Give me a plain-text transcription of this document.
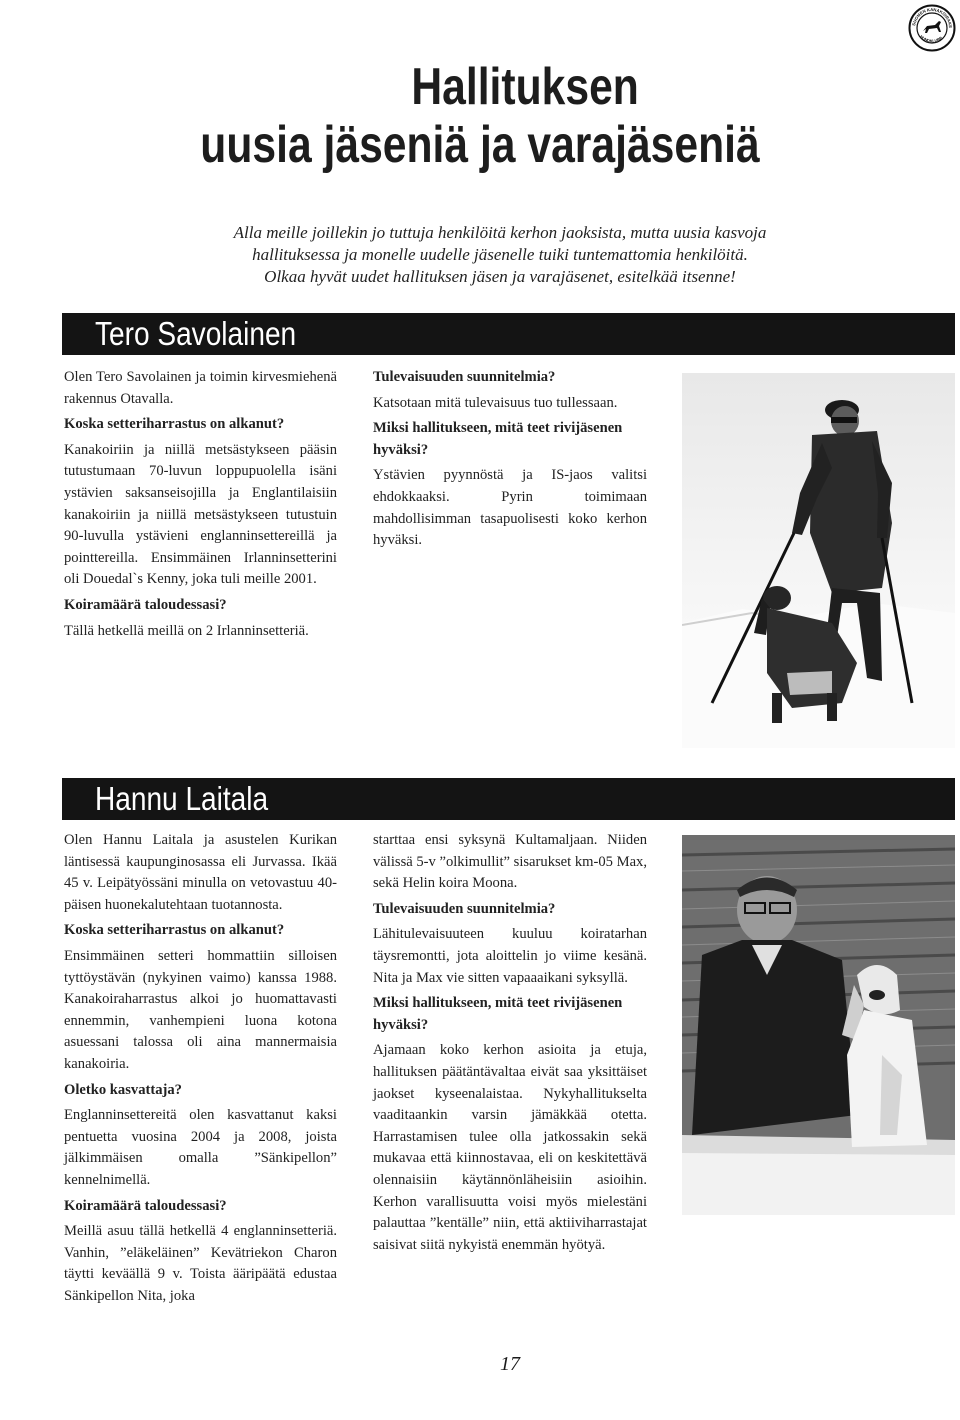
SUOMEN KANAKOIRAKE
HUNDKLUBB
Hallituksen
uusia jäseniä ja varajäseniä
Alla meille joillekin jo tuttuja henkilöitä kerhon jaoksista, mutta uusia kasvoja
hallituksessa ja monelle uudelle jäsenelle tuiki tuntemattomia henkilöitä.
Olkaa hyvät uudet hallituksen jäsen ja varajäsenet, esitelkää itsenne!
Tero Savolainen

Olen Tero Savolainen ja toimin kirvesmiehenä rakennus Otavalla.

Koska setteriharrastus on alkanut?

Kanakoiriin ja niillä metsästykseen pääsin tutustumaan 70-luvun loppupuolella isäni ystävien saksanseisojilla ja Englantilaisiin kanakoiriin ja niillä metsästykseen tutustuin 90-luvulla ystävieni englanninsettereillä ja pointtereilla. Ensimmäinen Irlanninsetterini oli Douedal`s Kenny, joka tuli meille 2001.

Koiramäärä taloudessasi?

Tällä hetkellä meillä on 2 Irlanninsetteriä.

Tulevaisuuden suunnitelmia?

Katsotaan mitä tulevaisuus tuo tullessaan.

Miksi hallitukseen, mitä teet rivijäsenen hyväksi?

Ystävien pyynnöstä ja IS-jaos valitsi ehdokkaaksi. Pyrin toimimaan mahdollisimman tasapuolisesti koko kerhon hyväksi.

Hannu Laitala

Olen Hannu Laitala ja asustelen Kurikan läntisessä kaupunginosassa eli Jurvassa. Ikää 45 v. Leipätyössäni minulla on vetovastuu 40-päisen huonekalutehtaan tuotannosta.

Koska setteriharrastus on alkanut?

Ensimmäinen setteri hommattiin silloisen tyttöystävän (nykyinen vaimo) kanssa 1988. Kanakoiraharrastus alkoi jo huomattavasti ennemmin, vanhempieni luona kotona asuessani talossa oli aina mannermaisia kanakoiria.

Oletko kasvattaja?

Englanninsettereitä olen kasvattanut kaksi pentuetta vuosina 2004 ja 2008, joista jälkimmäisen omalla ”Sänkipellon” kennelnimellä.

Koiramäärä taloudessasi?

Meillä asuu tällä hetkellä 4 englanninsetteriä. Vanhin, ”eläkeläinen” Kevätriekon Charon täytti keväällä 9 v. Toista ääripäätä edustaa Sänkipellon Nita, joka

starttaa ensi syksynä Kultamaljaan. Niiden välissä 5-v ”olkimullit” sisarukset km-05 Max, sekä Helin koira Moona.

Tulevaisuuden suunnitelmia?

Lähitulevaisuuteen kuuluu koiratarhan täysremontti, jota aloittelin jo viime kesänä. Nita ja Max vie sitten vapaaaikani syksyllä.

Miksi hallitukseen, mitä teet rivijäsenen hyväksi?

Ajamaan koko kerhon asioita ja etuja, hallituksen päätäntävaltaa eivät saa yksittäiset jaokset kyseenalaistaa. Nykyhallitukselta vaaditaankin varsin jämäkkää otetta. Harrastamisen tulee olla jatkossakin sekä mukavaa että kiinnostavaa, eli on keskitettävä olennaisiin käytännönläheisiin asioihin. Kerhon varallisuutta voisi myös mielestäni palauttaa ”kentälle” niin, että aktiiviharrastajat saisivat siitä nykyistä enemmän hyötyä.

17
